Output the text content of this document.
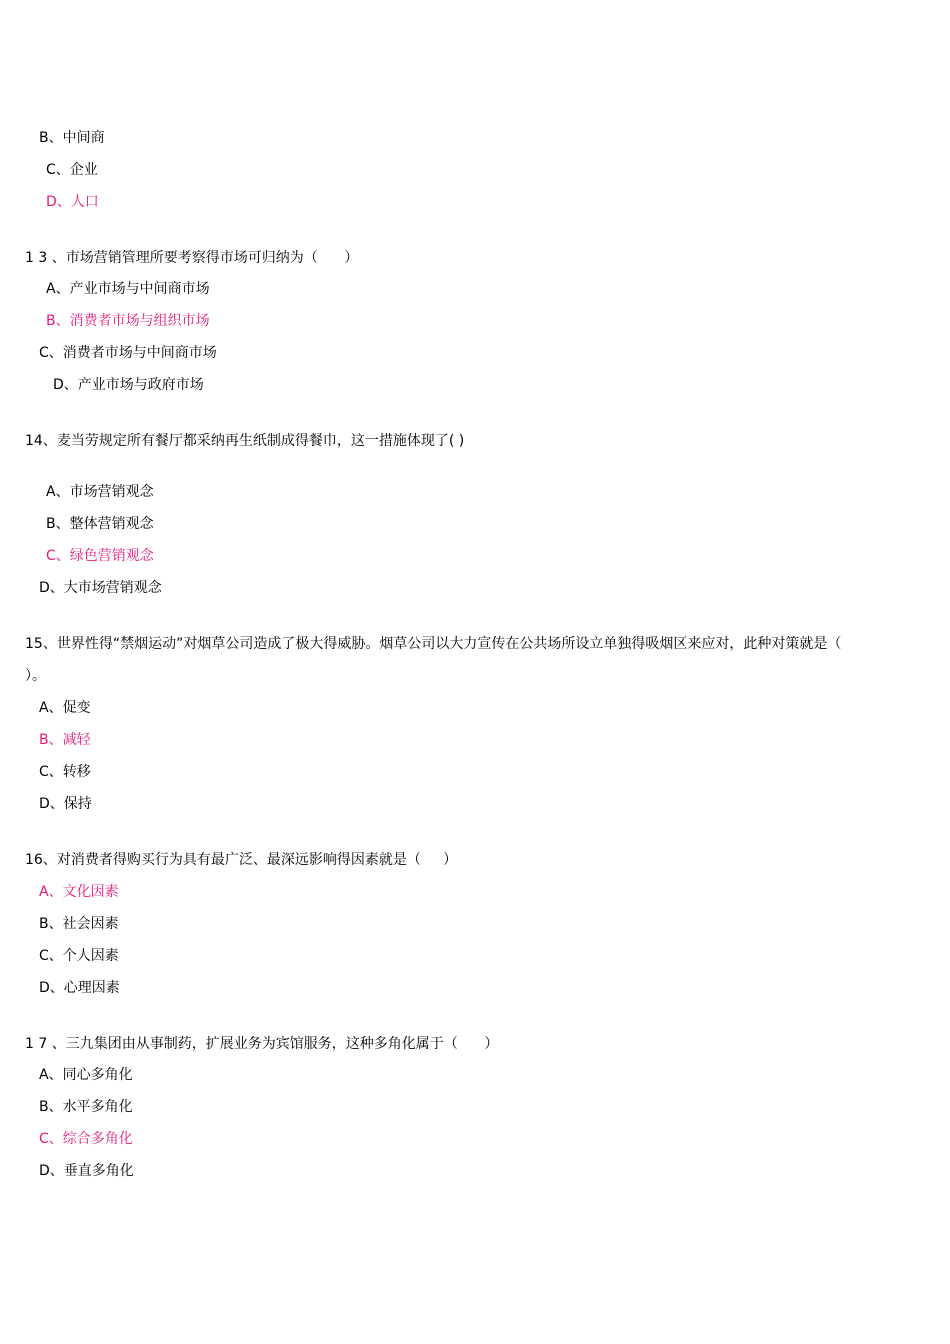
B、中间商
C、企业
D、人口
1 3 、市场营销管理所要考察得市场可归纳为（      ）
A、产业市场与中间商市场
B、消费者市场与组织市场
C、消费者市场与中间商市场
D、产业市场与政府市场
14、麦当劳规定所有餐厅都采纳再生纸制成得餐巾，这一措施体现了( )
A、市场营销观念
B、整体营销观念
C、绿色营销观念
D、大市场营销观念
15、世界性得“禁烟运动”对烟草公司造成了极大得威胁。烟草公司以大力宣传在公共场所设立单独得吸烟区来应对，此种对策就是（
）。
A、促变
B、减轻
C、转移
D、保持
16、对消费者得购买行为具有最广泛、最深远影响得因素就是（     ）
A、文化因素
B、社会因素
C、个人因素
D、心理因素
1 7 、三九集团由从事制药，扩展业务为宾馆服务，这种多角化属于（      ）
A、同心多角化
B、水平多角化
C、综合多角化
D、垂直多角化
